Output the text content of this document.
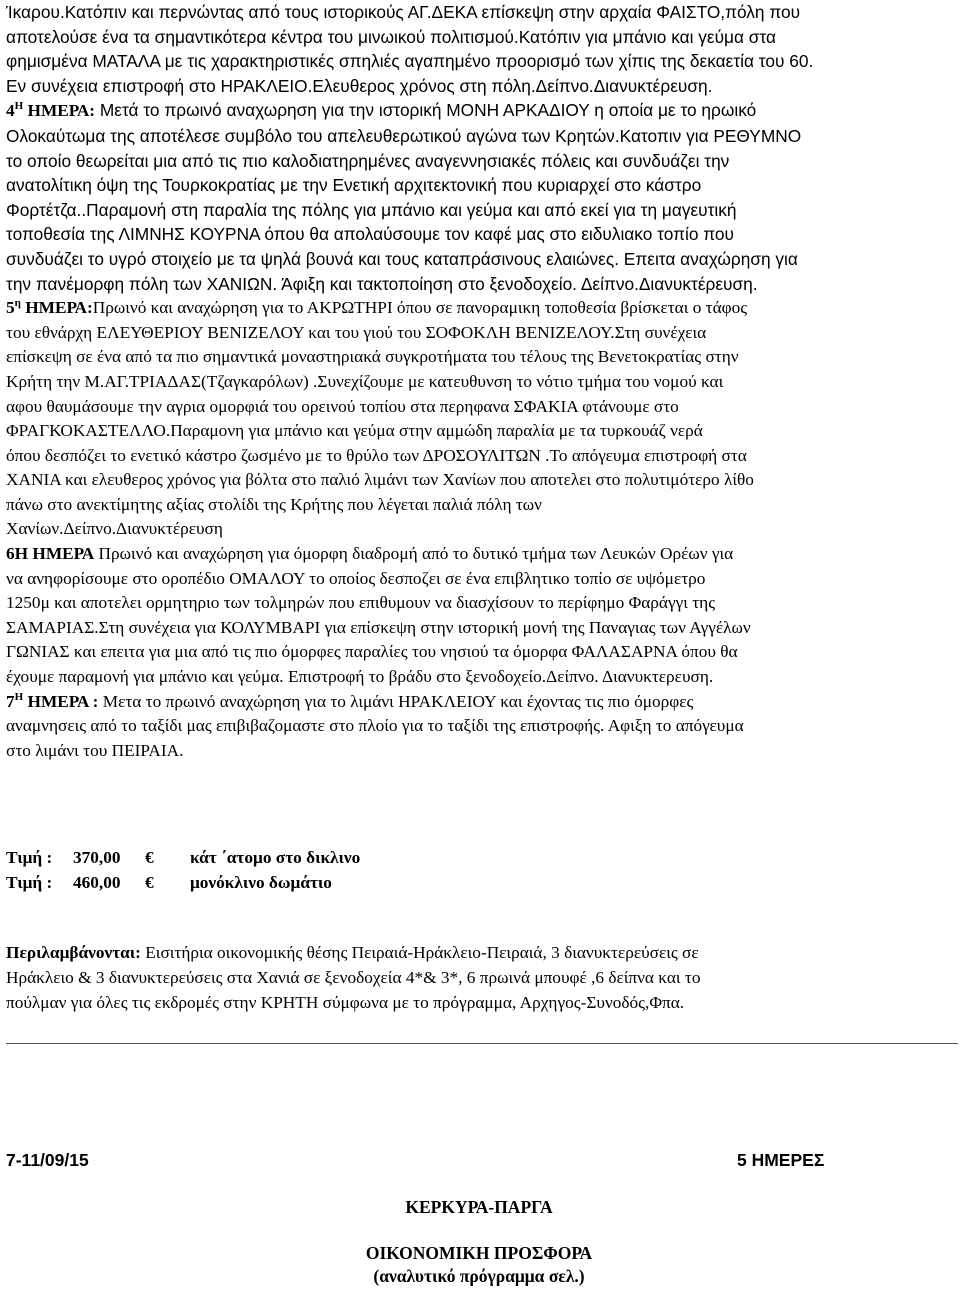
Ίκαρου.Κατόπιν και περνώντας από τους ιστορικούς ΑΓ.ΔΕΚΑ επίσκεψη στην αρχαία ΦΑΙΣΤΟ,πόλη που

αποτελούσε ένα τα σημαντικότερα κέντρα του μινωικού πολιτισμού.Κατόπιν για μπάνιο και γεύμα στα

φημισμένα ΜΑΤΑΛΑ με τις χαρακτηριστικές σπηλιές αγαπημένο προορισμό των χίπις της δεκαετία του 60.

Εν συνέχεια επιστροφή στο ΗΡΑΚΛΕΙΟ.Ελευθερος χρόνος στη πόλη.Δείπνο.Διανυκτέρευση.

$4^H$ ΗΜΕΡΑ: Μετά το πρωινό αναχωρηση για την ιστορική ΜΟΝΗ ΑΡΚΑΔΙΟΥ η οποία με το ηρωικό

Ολοκαύτωμα της αποτέλεσε συμβόλο του απελευθερωτικού αγώνα των Κρητών.Κατοπιν για ΡΕΘΥΜΝΟ

το οποίο θεωρείται μια από τις πιο καλοδιατηρημένες αναγεννησιακές πόλεις και συνδυάζει την

ανατολίτικη όψη της Τουρκοκρατίας με την Ενετική αρχιτεκτονική που κυριαρχεί στο κάστρο

Φορτέτζα..Παραμονή στη παραλία της πόλης για μπάνιο και γεύμα και από εκεί για τη μαγευτική

τοποθεσία της ΛΙΜΝΗΣ ΚΟΥΡΝΑ όπου θα απολαύσουμε τον καφέ μας στο ειδυλιακο τοπίο που

συνδυάζει το υγρό στοιχείο με τα ψηλά βουνά και τους καταπράσινους ελαιώνες. Επειτα αναχώρηση για

την πανέμορφη πόλη των ΧΑΝΙΩΝ. Άφιξη και τακτοποίηση στο ξενοδοχείο. Δείπνο.Διανυκτέρευση.

$5^\eta$ ΗΜΕΡΑ:Πρωινό και αναχώρηση για το ΑΚΡΩΤΗΡΙ όπου σε πανοραμικη τοποθεσία βρίσκεται ο τάφος

του εθνάρχη ΕΛΕΥΘΕΡΙΟΥ ΒΕΝΙΖΕΛΟΥ και του γιού του ΣΟΦΟΚΛΗ ΒΕΝΙΖΕΛΟΥ.Στη συνέχεια

επίσκεψη σε ένα από τα πιο σημαντικά μοναστηριακά συγκροτήματα του τέλους της Βενετοκρατίας στην

Κρήτη την Μ.ΑΓ.ΤΡΙΑΔΑΣ(Τζαγκαρόλων) .Συνεχίζουμε με κατευθυνση το νότιο τμήμα του νομού και

αφου θαυμάσουμε την αγρια ομορφιά του ορεινού τοπίου στα περηφανα ΣΦΑΚΙΑ φτάνουμε στο

ΦΡΑΓΚΟΚΑΣΤΕΛΛΟ.Παραμονη για μπάνιο και γεύμα στην αμμώδη παραλία με τα τυρκουάζ νερά

όπου δεσπόζει το ενετικό κάστρο ζωσμένο με το θρύλο των ΔΡΟΣΟΥΛΙΤΩΝ .Το απόγευμα επιστροφή στα

ΧΑΝΙΑ και ελευθερος χρόνος για βόλτα στο παλιό λιμάνι των Χανίων που αποτελει στο πολυτιμότερο λίθο

πάνω στο ανεκτίμητης αξίας στολίδι της Κρήτης που λέγεται παλιά πόλη των

Χανίων.Δείπνο.Διανυκτέρευση

6Η ΗΜΕΡΑ Πρωινό και αναχώρηση για όμορφη διαδρομή από το δυτικό τμήμα των Λευκών Ορέων για

να ανηφορίσουμε στο οροπέδιο ΟΜΑΛΟΥ το οποίος δεσποζει σε ένα επιβλητικο τοπίο σε υψόμετρο

1250μ και αποτελει ορμητηριο των τολμηρών που επιθυμουν να διασχίσουν το περίφημο Φαράγγι της

ΣΑΜΑΡΙΑΣ.Στη συνέχεια για ΚΟΛΥΜΒΑΡΙ για επίσκεψη στην ιστορική μονή της Παναγιας των Αγγέλων

ΓΩΝΙΑΣ και επειτα για μια από τις πιο όμορφες παραλίες του νησιού τα όμορφα ΦΑΛΑΣΑΡΝΑ όπου θα

έχουμε παραμονή για μπάνιο και γεύμα. Επιστροφή το βράδυ στο ξενοδοχείο.Δείπνο. Διανυκτερευση.

$7^H$ ΗΜΕΡΑ : Μετα το πρωινό αναχώρηση για το λιμάνι ΗΡΑΚΛΕΙΟΥ και έχοντας τις πιο όμορφες

αναμνησεις από το ταξίδι μας επιβιβαζομαστε στο πλοίο για το ταξίδι της επιστροφής. Αφιξη το απόγευμα

στο λιμάνι του ΠΕΙΡΑΙΑ.

Τιμή : 370,00 € κάτ ΄ατομο στο δικλινο
Τιμή : 460,00 € μονόκλινο δωμάτιο

Περιλαμβάνονται: Εισιτήρια οικονομικής θέσης Πειραιά-Ηράκλειο-Πειραιά, 3 διανυκτερεύσεις σε

Ηράκλειο & 3 διανυκτερεύσεις στα Χανιά σε ξενοδοχεία 4*& 3*, 6 πρωινά μπουφέ ,6 δείπνα και το

πούλμαν για όλες τις εκδρομές στην ΚΡΗΤΗ σύμφωνα με το πρόγραμμα, Αρχηγος-Συνοδός,Φπα.

7-11/09/15	5 ΗΜΕΡΕΣ
ΚΕΡΚΥΡΑ-ΠΑΡΓΑ
ΟΙΚΟΝΟΜΙΚΗ ΠΡΟΣΦΟΡΑ
(αναλυτικό πρόγραμμα σελ.)
